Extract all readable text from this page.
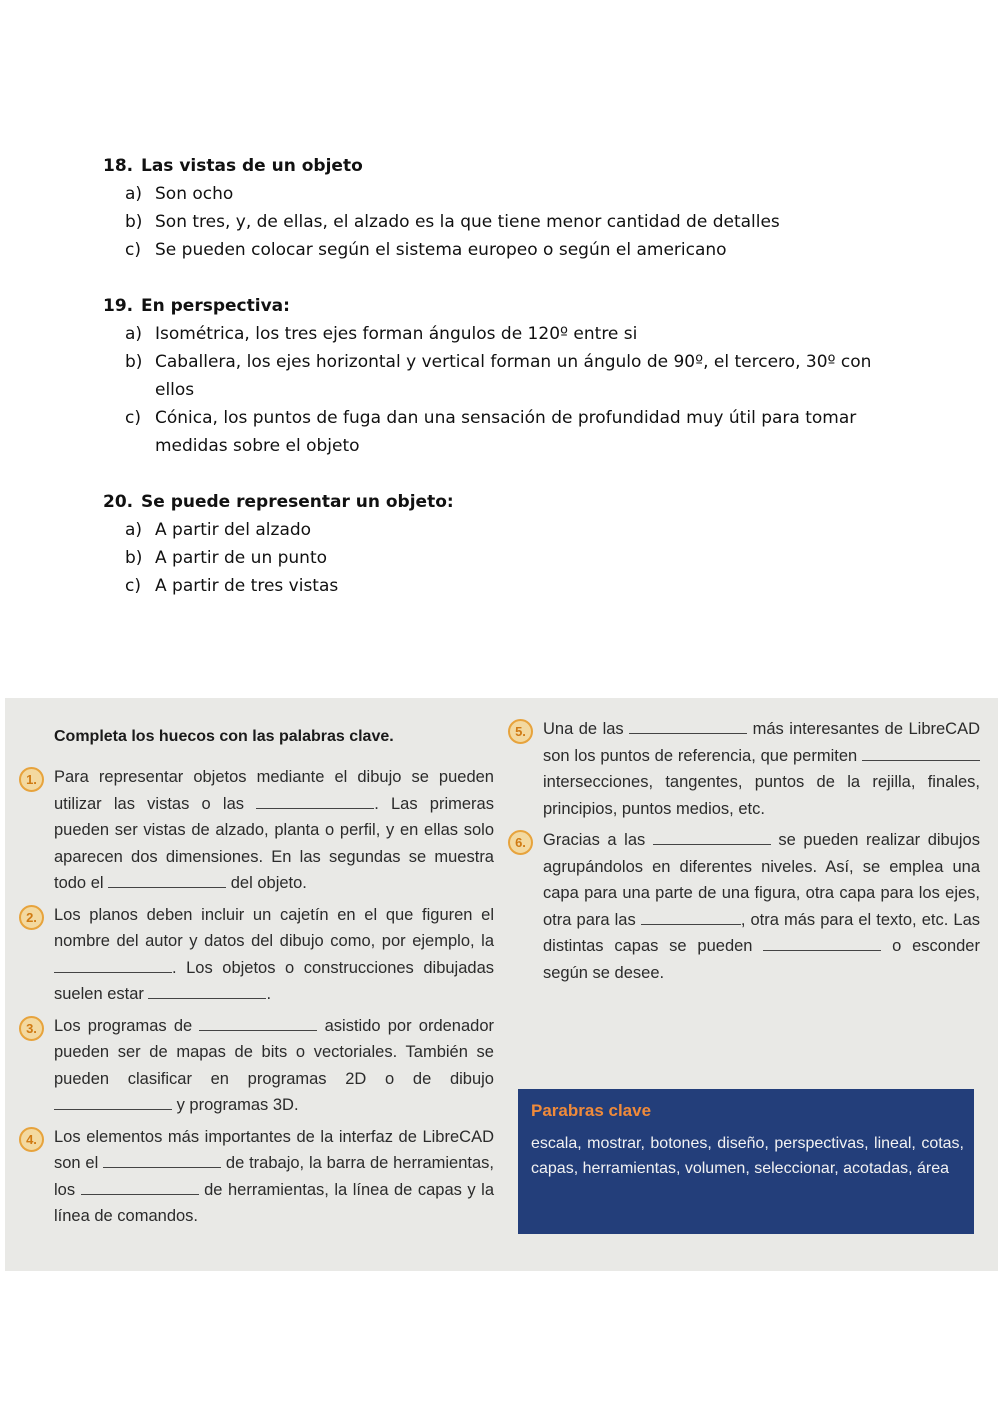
18. Las vistas de un objeto
a) Son ocho
b) Son tres, y, de ellas, el alzado es la que tiene menor cantidad de detalles
c) Se pueden colocar según el sistema europeo o según el americano
19. En perspectiva:
a) Isométrica, los tres ejes forman ángulos de 120º entre si
b) Caballera, los ejes horizontal y vertical forman un ángulo de 90º, el tercero, 30º con ellos
c) Cónica, los puntos de fuga dan una sensación de profundidad muy útil para tomar medidas sobre el objeto
20. Se puede representar un objeto:
a) A partir del alzado
b) A partir de un punto
c) A partir de tres vistas
Completa los huecos con las palabras clave.
1.	Para representar objetos mediante el dibujo se pueden utilizar las vistas o las	. Las primeras pueden ser vistas de alzado, planta o perfil, y en ellas solo aparecen dos dimensiones. En las segundas se muestra todo el	del objeto.
2.	Los planos deben incluir un cajetín en el que figuren el nombre del autor y datos del dibujo como, por ejemplo, la . Los objetos o construcciones dibujadas suelen estar	.
3.	Los programas de	asistido por ordenador pueden ser de mapas de bits o vectoriales. También se pueden clasificar en programas 2D o de dibujo  y programas 3D.
4.	Los elementos más importantes de la interfaz de LibreCAD son el	de trabajo, la barra de herramientas, los	de herramientas, la línea de capas y la línea de comandos.
5.	Una de las	más interesantes de LibreCAD son los puntos de referencia, que permiten  intersecciones, tangentes, puntos de la rejilla, finales, principios, puntos medios, etc.
6.	Gracias a las	se pueden realizar dibujos agrupándolos en diferentes niveles. Así, se emplea una capa para una parte de una figura, otra capa para los ejes, otra para las	, otra más para el texto, etc. Las distintas capas se pueden	o esconder según se desee.
Parabras clave
escala, mostrar, botones, diseño, perspectivas, lineal, cotas, capas, herramientas, volumen, seleccionar, acotadas, área
